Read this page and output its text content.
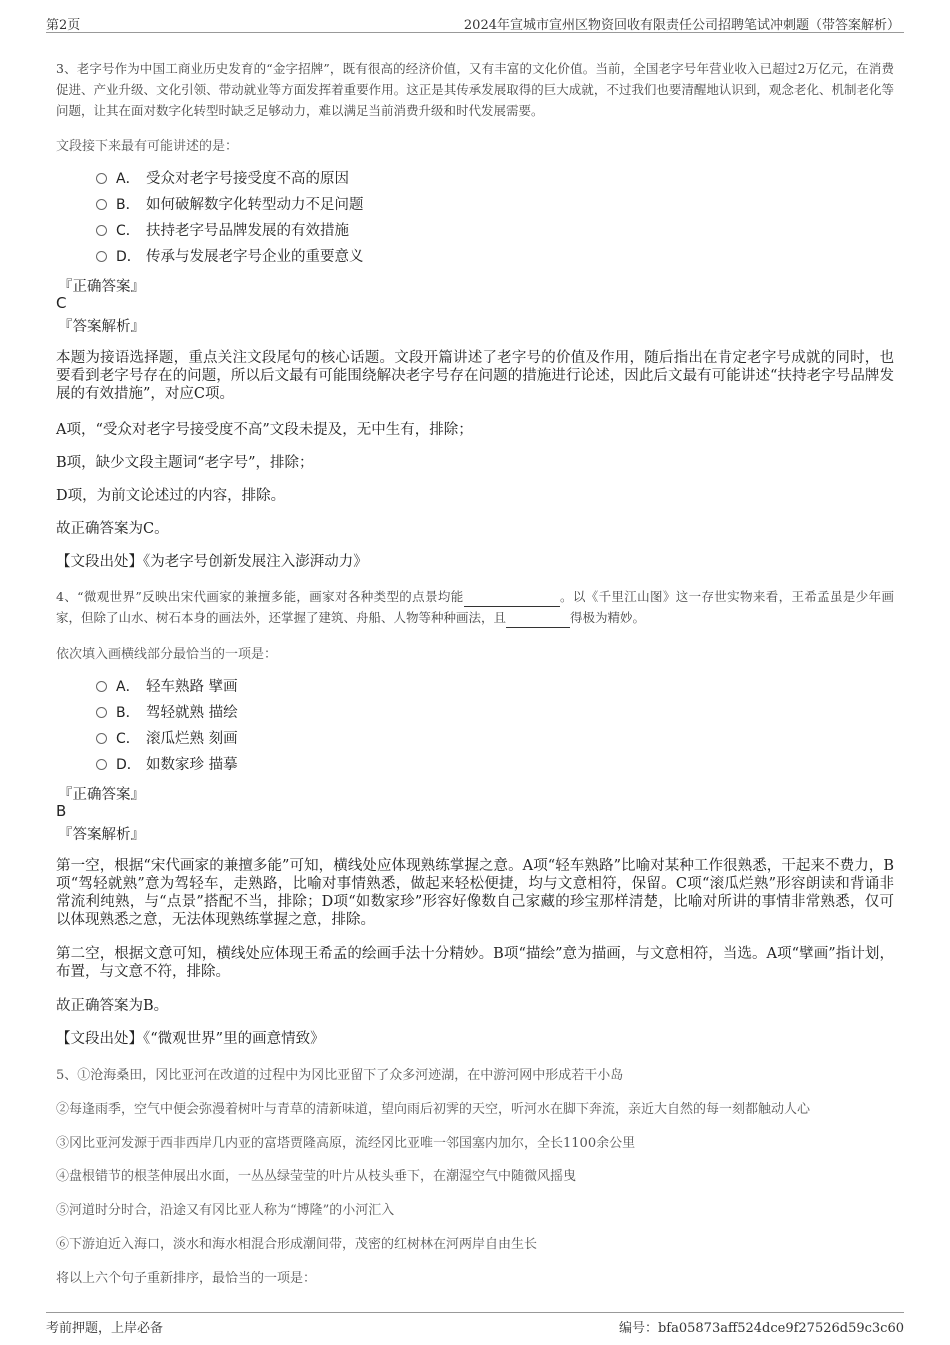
第2页	2024年宣城市宣州区物资回收有限责任公司招聘笔试冲刺题（带答案解析）
3、老字号作为中国工商业历史发育的“金字招牌”，既有很高的经济价值，又有丰富的文化价值。当前，全国老字号年营业收入已超过2万亿元，在消费促进、产业升级、文化引领、带动就业等方面发挥着重要作用。这正是其传承发展取得的巨大成就，不过我们也要清醒地认识到，观念老化、机制老化等问题，让其在面对数字化转型时缺乏足够动力，难以满足当前消费升级和时代发展需要。
文段接下来最有可能讲述的是：
A． 受众对老字号接受度不高的原因
B． 如何破解数字化转型动力不足问题
C． 扶持老字号品牌发展的有效措施
D． 传承与发展老字号企业的重要意义
『正确答案』
C
『答案解析』
本题为接语选择题，重点关注文段尾句的核心话题。文段开篇讲述了老字号的价值及作用，随后指出在肯定老字号成就的同时，也要看到老字号存在的问题，所以后文最有可能围绕解决老字号存在问题的措施进行论述，因此后文最有可能讲述“扶持老字号品牌发展的有效措施”，对应C项。
A项，“受众对老字号接受度不高”文段未提及，无中生有，排除；
B项，缺少文段主题词“老字号”，排除；
D项，为前文论述过的内容，排除。
故正确答案为C。
【文段出处】《为老字号创新发展注入澎湃动力》
4、“微观世界”反映出宋代画家的兼擅多能，画家对各种类型的点景均能	。以《千里江山图》这一存世实物来看，王希孟虽是少年画家，但除了山水、树石本身的画法外，还掌握了建筑、舟船、人物等种种画法，且	得极为精妙。
依次填入画横线部分最恰当的一项是：
A． 轻车熟路 擘画
B． 驾轻就熟 描绘
C． 滚瓜烂熟 刻画
D． 如数家珍 描摹
『正确答案』
B
『答案解析』
第一空，根据“宋代画家的兼擅多能”可知，横线处应体现熟练掌握之意。A项“轻车熟路”比喻对某种工作很熟悉，干起来不费力，B项“驾轻就熟”意为驾轻车，走熟路，比喻对事情熟悉，做起来轻松便捷，均与文意相符，保留。C项“滚瓜烂熟”形容朗读和背诵非常流利纯熟，与“点景”搭配不当，排除；D项“如数家珍”形容好像数自己家藏的珍宝那样清楚，比喻对所讲的事情非常熟悉，仅可以体现熟悉之意，无法体现熟练掌握之意，排除。
第二空，根据文意可知，横线处应体现王希孟的绘画手法十分精妙。B项“描绘”意为描画，与文意相符，当选。A项“擘画”指计划，布置，与文意不符，排除。
故正确答案为B。
【文段出处】《“微观世界”里的画意情致》
5、①沧海桑田，冈比亚河在改道的过程中为冈比亚留下了众多河迹湖，在中游河网中形成若干小岛
②每逢雨季，空气中便会弥漫着树叶与青草的清新味道，望向雨后初霁的天空，听河水在脚下奔流，亲近大自然的每一刻都触动人心
③冈比亚河发源于西非西岸几内亚的富塔贾隆高原，流经冈比亚唯一邻国塞内加尔，全长1100余公里
④盘根错节的根茎伸展出水面，一丛丛绿莹莹的叶片从枝头垂下，在潮湿空气中随微风摇曳
⑤河道时分时合，沿途又有冈比亚人称为“博隆”的小河汇入
⑥下游迫近入海口，淡水和海水相混合形成潮间带，茂密的红树林在河两岸自由生长
将以上六个句子重新排序，最恰当的一项是：
考前押题，上岸必备	编号：bfa05873aff524dce9f27526d59c3c60
